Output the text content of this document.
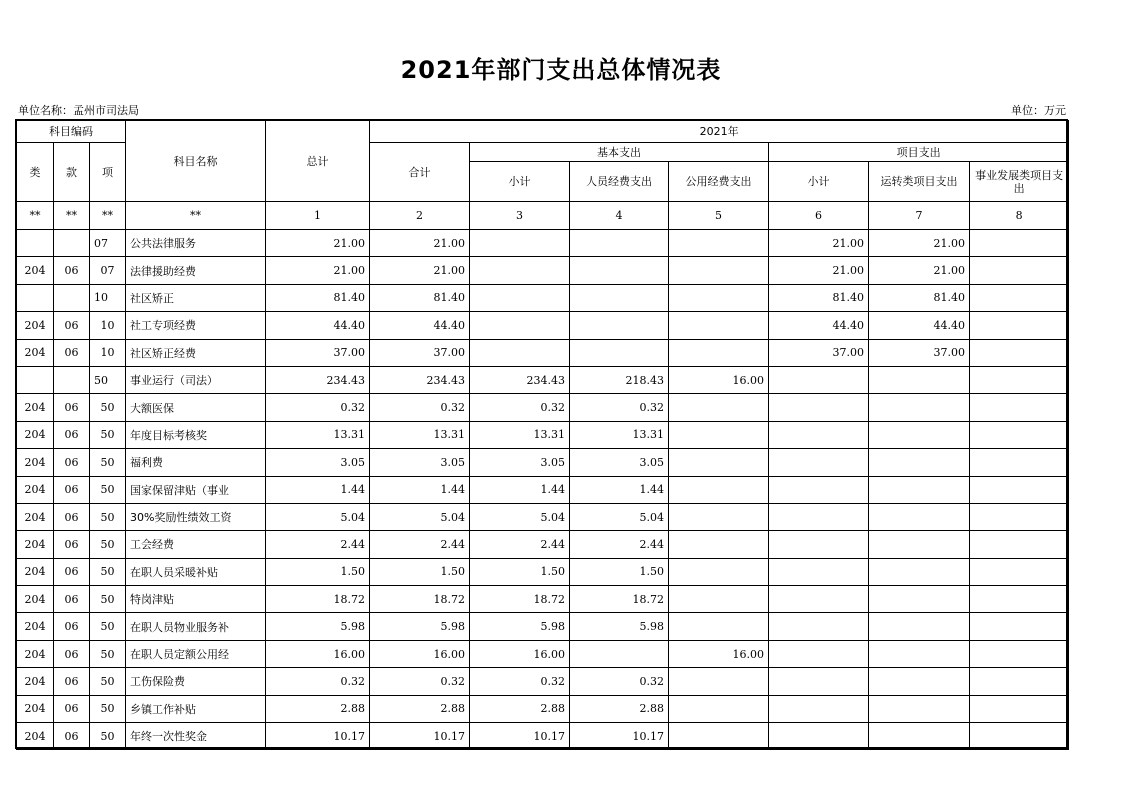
2021年部门支出总体情况表
单位名称：孟州市司法局	单位：万元
科目编码			科目名称	总计	2021年						
类	款	项			合计	基本支出			项目支出		
						小计	人员经费支出	公用经费支出	小计	运转类项目支出	事业发展类项目支出
**	**	**	**	1	2	3	4	5	6	7	8
		07	公共法律服务	21.00	21.00				21.00	21.00	
204	06	07	法律援助经费	21.00	21.00				21.00	21.00	
		10	社区矫正	81.40	81.40				81.40	81.40	
204	06	10	社工专项经费	44.40	44.40				44.40	44.40	
204	06	10	社区矫正经费	37.00	37.00				37.00	37.00	
		50	事业运行（司法）	234.43	234.43	234.43	218.43	16.00			
204	06	50	大额医保	0.32	0.32	0.32	0.32				
204	06	50	年度目标考核奖	13.31	13.31	13.31	13.31				
204	06	50	福利费	3.05	3.05	3.05	3.05				
204	06	50	国家保留津贴（事业	1.44	1.44	1.44	1.44				
204	06	50	30%奖励性绩效工资	5.04	5.04	5.04	5.04				
204	06	50	工会经费	2.44	2.44	2.44	2.44				
204	06	50	在职人员采暖补贴	1.50	1.50	1.50	1.50				
204	06	50	特岗津贴	18.72	18.72	18.72	18.72				
204	06	50	在职人员物业服务补	5.98	5.98	5.98	5.98				
204	06	50	在职人员定额公用经	16.00	16.00	16.00		16.00			
204	06	50	工伤保险费	0.32	0.32	0.32	0.32				
204	06	50	乡镇工作补贴	2.88	2.88	2.88	2.88				
204	06	50	年终一次性奖金	10.17	10.17	10.17	10.17				
